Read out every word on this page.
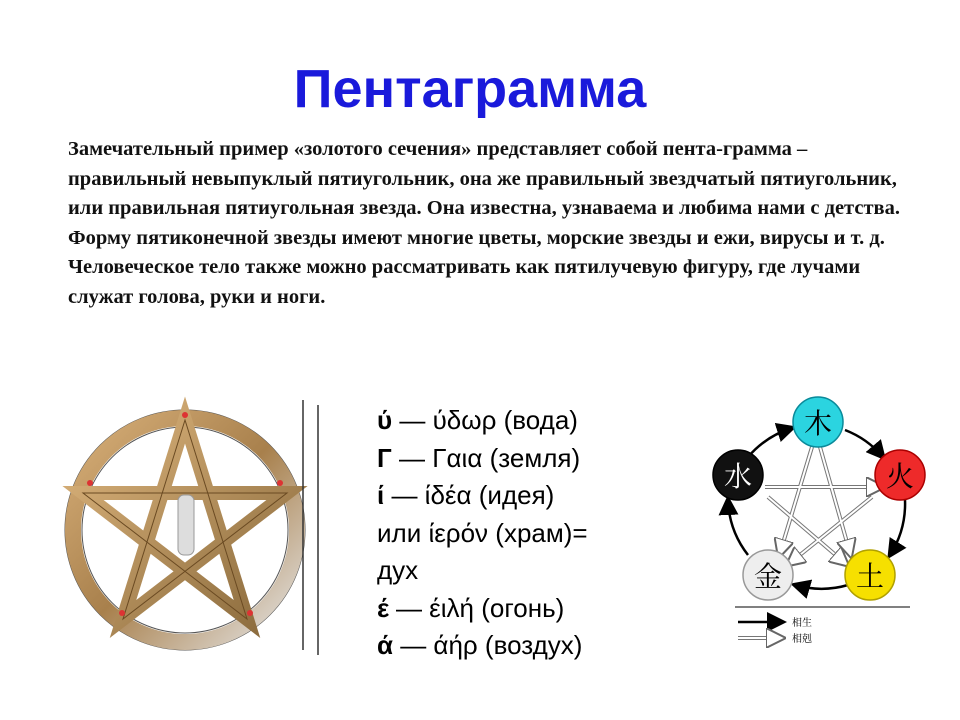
Пентаграмма

Замечательный пример «золотого сечения» представляет собой пента-грамма – правильный невыпуклый пятиугольник, она же правильный звездчатый пятиугольник, или правильная пятиугольная звезда. Она известна, узнаваема и любима нами с детства. Форму пятиконечной звезды имеют многие цветы, морские звезды и ежи, вирусы и т. д. Человеческое тело также можно рассматривать как пятилучевую фигуру, где лучами служат голова, руки и ноги.

ύ — ύδωρ (вода)
Г — Γαια (земля)
ί — ίδέα (идея)
или ίερόν (храм)=
дух
έ — έιλή (огонь)
ά — άήρ (воздух)
木
火
土
金
水
相生
相剋
